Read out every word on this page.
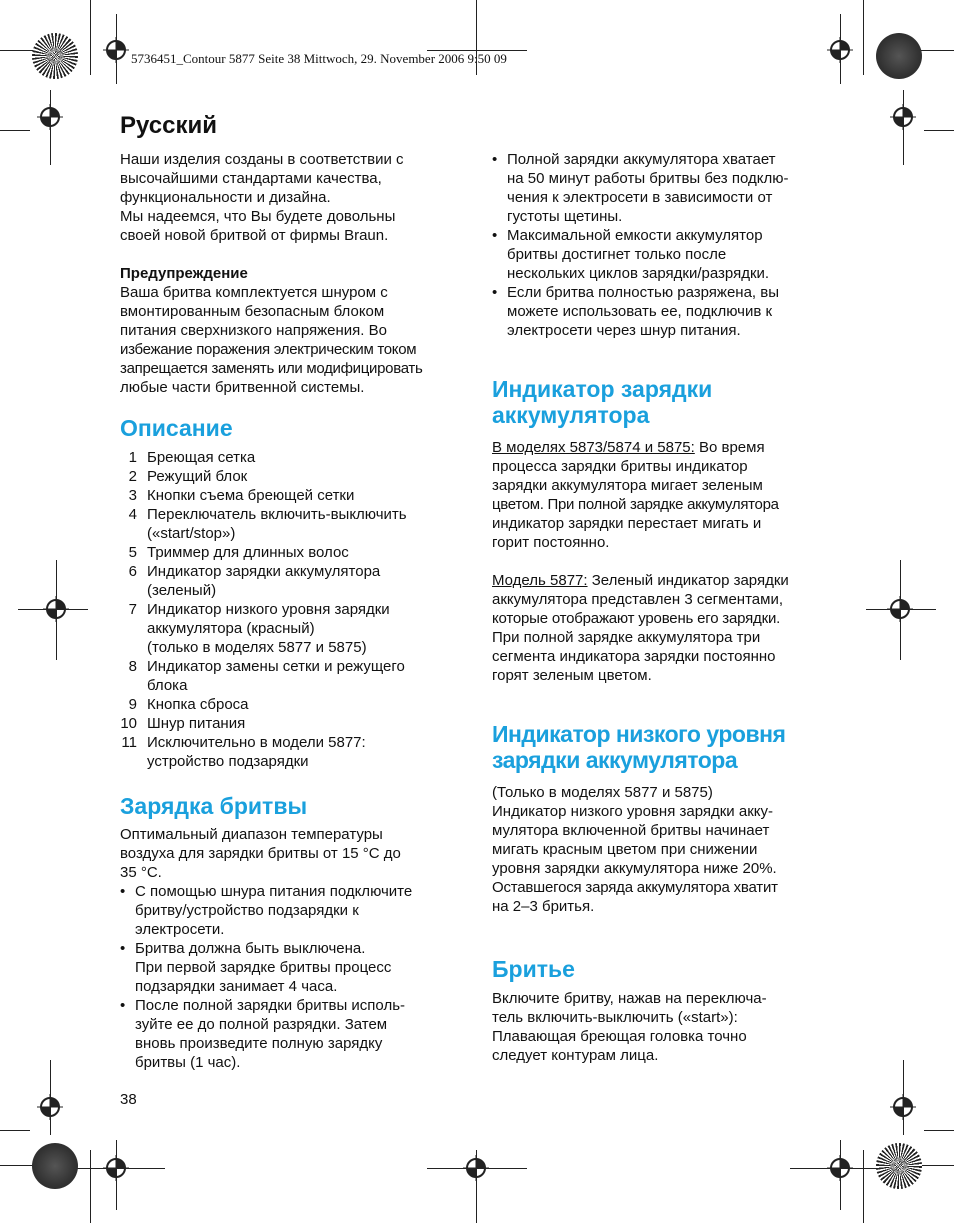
5736451_Contour 5877 Seite 38 Mittwoch, 29. November 2006 9:50 09
Русский

Наши изделия созданы в соответствии с

высочайшими стандартами качества,

функциональности и дизайна.

Мы надеемся, что Вы будете довольны

своей новой бритвой от фирмы Braun.

Предупреждение

Ваша бритва комплектуется шнуром с

вмонтированным безопасным блоком

питания сверхнизкого напряжения. Во

избежание поражения электрическим током

запрещается заменять или модифицировать

любые части бритвенной системы.

Описание
1 Бреющая сетка
2 Режущий блок
3 Кнопки съема бреющей сетки
4 Переключатель включить-выключить
(«start/stop»)
5 Триммер для длинных волос
6 Индикатор зарядки аккумулятора
(зеленый)
7 Индикатор низкого уровня зарядки
аккумулятора (красный)
(только в моделях 5877 и 5875)
8 Индикатор замены сетки и режущего
блока
9 Кнопка сброса
10 Шнур питания
11 Исключительно в модели 5877:
устройство подзарядки
Зарядка бритвы

Оптимальный диапазон температуры

воздуха для зарядки бритвы от 15 °C до

35 °C.

• С помощью шнура питания подключите
бритву/устройство подзарядки к
электросети.
• Бритва должна быть выключена.
При первой зарядке бритвы процесс
подзарядки занимает 4 часа.
• После полной зарядки бритвы исполь-
зуйте ее до полной разрядки. Затем
вновь произведите полную зарядку
бритвы (1 час).
• Полной зарядки аккумулятора хватает
на 50 минут работы бритвы без подклю-
чения к электросети в зависимости от
густоты щетины.
• Максимальной емкости аккумулятор
бритвы достигнет только после
нескольких циклов зарядки/разрядки.
• Если бритва полностью разряжена, вы
можете использовать ее, подключив к
электросети через шнур питания.
Индикатор зарядки
аккумулятора

В моделях 5873/5874 и 5875: Во время

процесса зарядки бритвы индикатор

зарядки аккумулятора мигает зеленым

цветом. При полной зарядке аккумулятора

индикатор зарядки перестает мигать и

горит постоянно.

Модель 5877: Зеленый индикатор зарядки

аккумулятора представлен 3 сегментами,

которые отображают уровень его зарядки.

При полной зарядке аккумулятора три

сегмента индикатора зарядки постоянно

горят зеленым цветом.

Индикатор низкого уровня
зарядки аккумулятора

(Только в моделях 5877 и 5875)

Индикатор низкого уровня зарядки акку-

мулятора включенной бритвы начинает

мигать красным цветом при снижении

уровня зарядки аккумулятора ниже 20%.

Оставшегося заряда аккумулятора хватит

на 2–3 бритья.

Бритье

Включите бритву, нажав на переключа-

тель включить-выключить («start»):

Плавающая бреющая головка точно

следует контурам лица.

38
